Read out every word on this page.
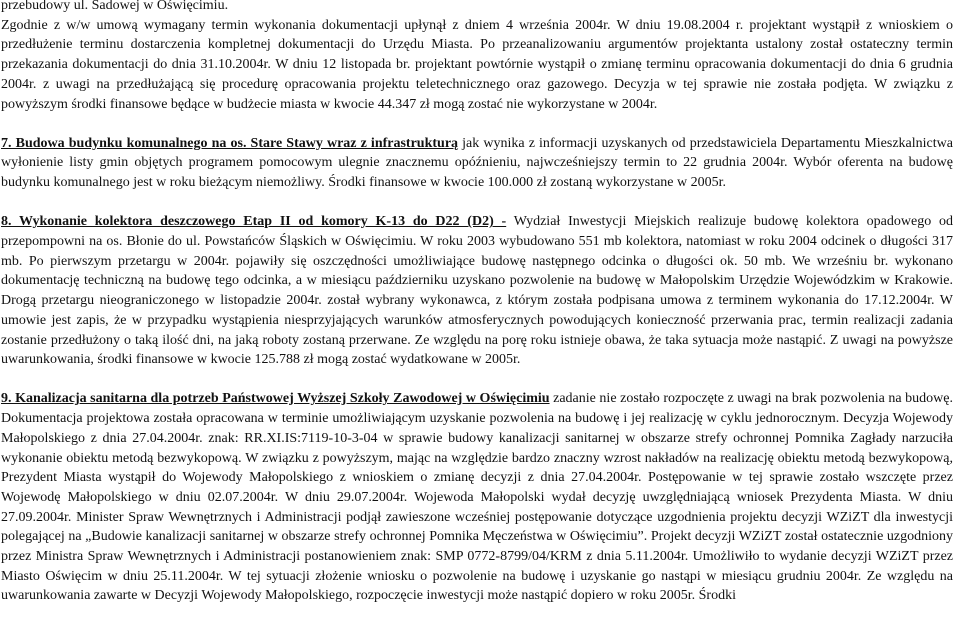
przebudowy ul. Sadowej w Oświęcimiu.

Zgodnie z w/w umową wymagany termin wykonania dokumentacji upłynął z dniem 4 września 2004r. W dniu 19.08.2004 r. projektant wystąpił z wnioskiem o przedłużenie terminu dostarczenia kompletnej dokumentacji do Urzędu Miasta. Po przeanalizowaniu argumentów projektanta ustalony został ostateczny termin przekazania dokumentacji do dnia 31.10.2004r. W dniu 12 listopada br. projektant powtórnie wystąpił o zmianę terminu opracowania dokumentacji do dnia 6 grudnia 2004r. z uwagi na przedłużającą się procedurę opracowania projektu teletechnicznego oraz gazowego. Decyzja w tej sprawie nie została podjęta. W związku z powyższym środki finansowe będące w budżecie miasta w kwocie 44.347 zł mogą zostać nie wykorzystane w 2004r.

7. Budowa budynku komunalnego na os. Stare Stawy wraz z infrastrukturą jak wynika z informacji uzyskanych od przedstawiciela Departamentu Mieszkalnictwa wyłonienie listy gmin objętych programem pomocowym ulegnie znacznemu opóźnieniu, najwcześniejszy termin to 22 grudnia 2004r. Wybór oferenta na budowę budynku komunalnego jest w roku bieżącym niemożliwy. Środki finansowe w kwocie 100.000 zł zostaną wykorzystane w 2005r.

8. Wykonanie kolektora deszczowego Etap II od komory K-13 do D22 (D2) - Wydział Inwestycji Miejskich realizuje budowę kolektora opadowego od przepompowni na os. Błonie do ul. Powstańców Śląskich w Oświęcimiu. W roku 2003 wybudowano 551 mb kolektora, natomiast w roku 2004 odcinek o długości 317 mb. Po pierwszym przetargu w 2004r. pojawiły się oszczędności umożliwiające budowę następnego odcinka o długości ok. 50 mb. We wrześniu br. wykonano dokumentację techniczną na budowę tego odcinka, a w miesiącu październiku uzyskano pozwolenie na budowę w Małopolskim Urzędzie Wojewódzkim w Krakowie. Drogą przetargu nieograniczonego w listopadzie 2004r. został wybrany wykonawca, z którym została podpisana umowa z terminem wykonania do 17.12.2004r. W umowie jest zapis, że w przypadku wystąpienia niesprzyjających warunków atmosferycznych powodujących konieczność przerwania prac, termin realizacji zadania zostanie przedłużony o taką ilość dni, na jaką roboty zostaną przerwane. Ze względu na porę roku istnieje obawa, że taka sytuacja może nastąpić. Z uwagi na powyższe uwarunkowania, środki finansowe w kwocie 125.788 zł mogą zostać wydatkowane w 2005r.

9. Kanalizacja sanitarna dla potrzeb Państwowej Wyższej Szkoły Zawodowej w Oświęcimiu zadanie nie zostało rozpoczęte z uwagi na brak pozwolenia na budowę. Dokumentacja projektowa została opracowana w terminie umożliwiającym uzyskanie pozwolenia na budowę i jej realizację w cyklu jednorocznym. Decyzja Wojewody Małopolskiego z dnia 27.04.2004r. znak: RR.XI.IS:7119-10-3-04 w sprawie budowy kanalizacji sanitarnej w obszarze strefy ochronnej Pomnika Zagłady narzuciła wykonanie obiektu metodą bezwykopową. W związku z powyższym, mając na względzie bardzo znaczny wzrost nakładów na realizację obiektu metodą bezwykopową, Prezydent Miasta wystąpił do Wojewody Małopolskiego z wnioskiem o zmianę decyzji z dnia 27.04.2004r. Postępowanie w tej sprawie zostało wszczęte przez Wojewodę Małopolskiego w dniu 02.07.2004r. W dniu 29.07.2004r. Wojewoda Małopolski wydał decyzję uwzględniającą wniosek Prezydenta Miasta. W dniu 27.09.2004r. Minister Spraw Wewnętrznych i Administracji podjął zawieszone wcześniej postępowanie dotyczące uzgodnienia projektu decyzji WZiZT dla inwestycji polegającej na „Budowie kanalizacji sanitarnej w obszarze strefy ochronnej Pomnika Męczeństwa w Oświęcimiu”. Projekt decyzji WZiZT został ostatecznie uzgodniony przez Ministra Spraw Wewnętrznych i Administracji postanowieniem znak: SMP 0772-8799/04/KRM z dnia 5.11.2004r. Umożliwiło to wydanie decyzji WZiZT przez Miasto Oświęcim w dniu 25.11.2004r. W tej sytuacji złożenie wniosku o pozwolenie na budowę i uzyskanie go nastąpi w miesiącu grudniu 2004r. Ze względu na uwarunkowania zawarte w Decyzji Wojewody Małopolskiego, rozpoczęcie inwestycji może nastąpić dopiero w roku 2005r. Środki
